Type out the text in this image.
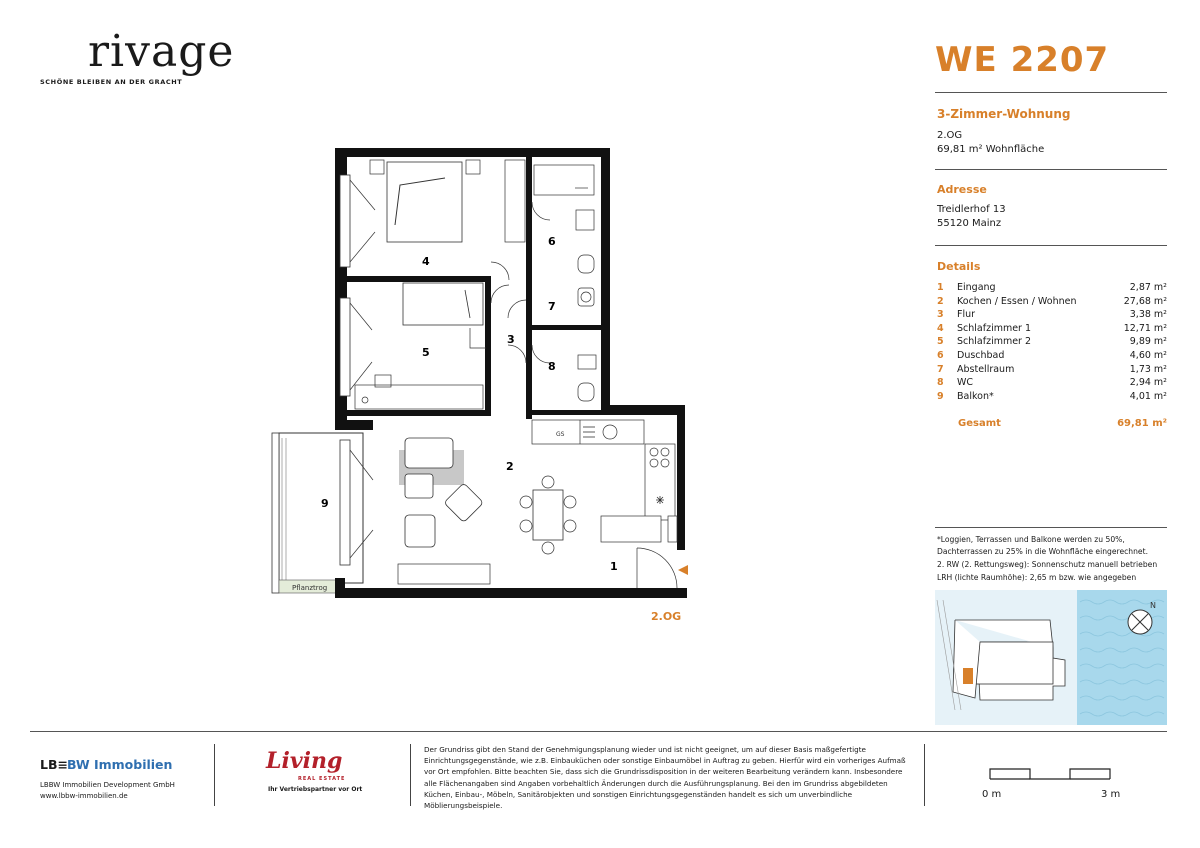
rivage
SCHÖNE BLEIBEN AN DER GRACHT
GS
4
5
3
6
7
8
2
1
9
Pflanztrog
2.OG
WE 2207
3-Zimmer-Wohnung
2.OG
69,81 m² Wohnfläche
Adresse
Treidlerhof 13
55120 Mainz
Details
1	Eingang	2,87 m²
2	Kochen / Essen / Wohnen	27,68 m²
3	Flur	3,38 m²
4	Schlafzimmer 1	12,71 m²
5	Schlafzimmer 2	9,89 m²
6	Duschbad	4,60 m²
7	Abstellraum	1,73 m²
8	WC	2,94 m²
9	Balkon*	4,01 m²
Gesamt	69,81 m²
*Loggien, Terrassen und Balkone werden zu 50%,
Dachterrassen zu 25% in die Wohnfläche eingerechnet.
2. RW (2. Rettungsweg): Sonnenschutz manuell betrieben
LRH (lichte Raumhöhe): 2,65 m bzw. wie angegeben
N
LB≡BW Immobilien
LBBW Immobilien Development GmbH
www.lbbw-immobilien.de
Living
REAL ESTATE
Ihr Vertriebspartner vor Ort
Der Grundriss gibt den Stand der Genehmigungsplanung wieder und ist nicht geeignet, um auf dieser Basis maßgefertigte Einrichtungsgegenstände, wie z.B. Einbauküchen oder sonstige Einbaumöbel in Auftrag zu geben. Hierfür wird ein vorheriges Aufmaß vor Ort empfohlen. Bitte beachten Sie, dass sich die Grundrissdisposition in der weiteren Bearbeitung verändern kann. Insbesondere alle Flächenangaben sind Angaben vorbehaltlich Änderungen durch die Ausführungsplanung. Bei den im Grundriss abgebildeten Küchen, Einbau-, Möbeln, Sanitärobjekten und sonstigen Einrichtungsgegenständen handelt es sich um unverbindliche Möblierungsbeispiele.
0 m	3 m
